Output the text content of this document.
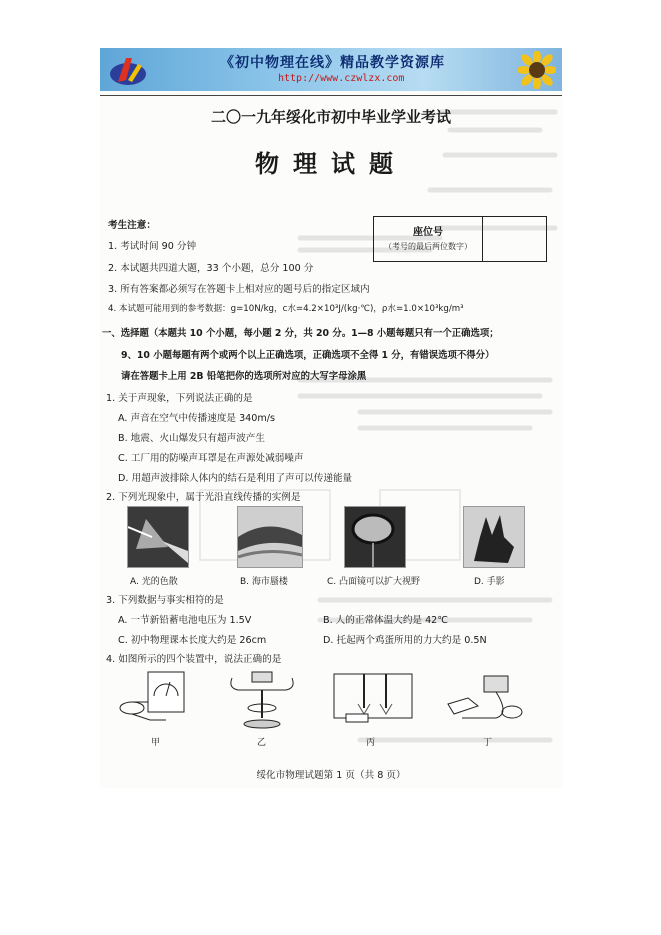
《初中物理在线》精品教学资源库
http://www.czwlzx.com
二〇一九年绥化市初中毕业学业考试
物理试题
考生注意：
1. 考试时间 90 分钟
2. 本试题共四道大题，33 个小题，总分 100 分
3. 所有答案都必须写在答题卡上相对应的题号后的指定区域内
4. 本试题可能用到的参考数据：g=10N/kg，c水=4.2×10³J/(kg·℃)，ρ水=1.0×10³kg/m³
座位号
（考号的最后两位数字）
一、选择题（本题共 10 个小题，每小题 2 分，共 20 分。1—8 小题每题只有一个正确选项；
9、10 小题每题有两个或两个以上正确选项，正确选项不全得 1 分，有错误选项不得分）
请在答题卡上用 2B 铅笔把你的选项所对应的大写字母涂黑
1. 关于声现象，下列说法正确的是
A. 声音在空气中传播速度是 340m/s
B. 地震、火山爆发只有超声波产生
C. 工厂用的防噪声耳罩是在声源处减弱噪声
D. 用超声波排除人体内的结石是利用了声可以传递能量
2. 下列光现象中，属于光沿直线传播的实例是
A. 光的色散	B. 海市蜃楼	C. 凸面镜可以扩大视野	D. 手影
3. 下列数据与事实相符的是
A. 一节新铅蓄电池电压为 1.5V	B. 人的正常体温大约是 42℃
C. 初中物理课本长度大约是 26cm	D. 托起两个鸡蛋所用的力大约是 0.5N
4. 如图所示的四个装置中，说法正确的是
甲	乙	丙	丁
绥化市物理试题第 1 页（共 8 页）
